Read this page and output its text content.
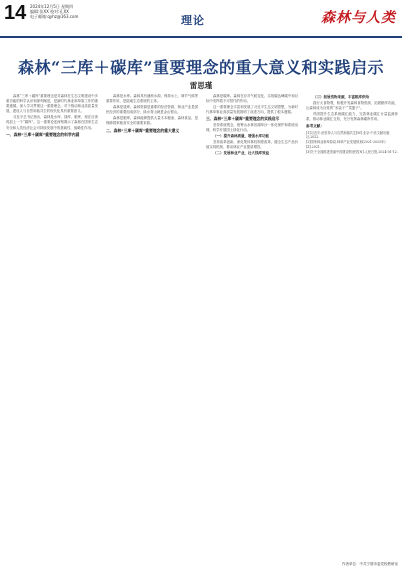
14 2024年12月5日 星期四
编辑:张XX 校对:孔XX
电子邮箱:qyhz@163.com	理论	森林与人类
森林“三库＋碳库”重要理念的重大意义和实践启示
雷思瑾

森林“三库＋碳库”重要理念是对森林在生态文明建设中多重功能的科学认识和深刻阐述，是新时代林业和草原工作的重要遵循。深入学习贯彻这一重要理念，对于推动林业高质量发展、建设人与自然和谐共生的现代化具有重要意义。

习近平总书记指出，森林是水库、钱库、粮库，现在应该再加上一个“碳库”。这一重要论述深刻揭示了森林在国家生态安全和人类经济社会可持续发展中的基础性、战略性作用。

一、森林“三库＋碳库”重要理念的科学内涵

森林是水库。森林具有涵养水源、保持水土、调节气候等重要作用，是陆地生态系统的主体。

森林是钱库。森林资源是重要的经济资源，林业产业是国民经济的重要组成部分，绿水青山就是金山银山。

森林是粮库。森林能够提供大量木本粮油、森林食品，是保障国家粮食安全的重要来源。

二、森林“三库＋碳库”重要理念的重大意义

森林是碳库。森林在应对气候变化、实现碳达峰碳中和目标中发挥着不可替代的作用。

这一重要理念丰富和发展了习近平生态文明思想，为新时代林草事业高质量发展指明了前进方向、提供了根本遵循。

三、森林“三库＋碳库”重要理念的实践启示

坚持系统观念，统筹山水林田湖草沙一体化保护和系统治理，科学开展国土绿化行动。

（一）提升森林质量，增强水库功能

坚持改革创新，深化集体林权制度改革，健全生态产品价值实现机制，推动林业产业提质增效。

（二）发展林业产业，壮大钱库效益
（三）拓展食物来源，丰富粮库供给

践行大食物观，积极开发森林食物资源，拓展粮库功能，让森林成为百姓的“米袋子”“菜篮子”。

巩固提升生态系统碳汇能力，完善林业碳汇计量监测体系，推动林业碳汇交易，充分发挥森林碳库作用。

参考文献：

[1]习近平.论坚持人与自然和谐共生[M].北京:中央文献出版社,2022.

[2]国家林业和草原局.林草产业发展规划(2021-2025年)[Z].2021.

[3]关于全面推进美丽中国建设的意见[N].人民日报,2024-01-12.

作者单位：中共宁德市委党校教研室
